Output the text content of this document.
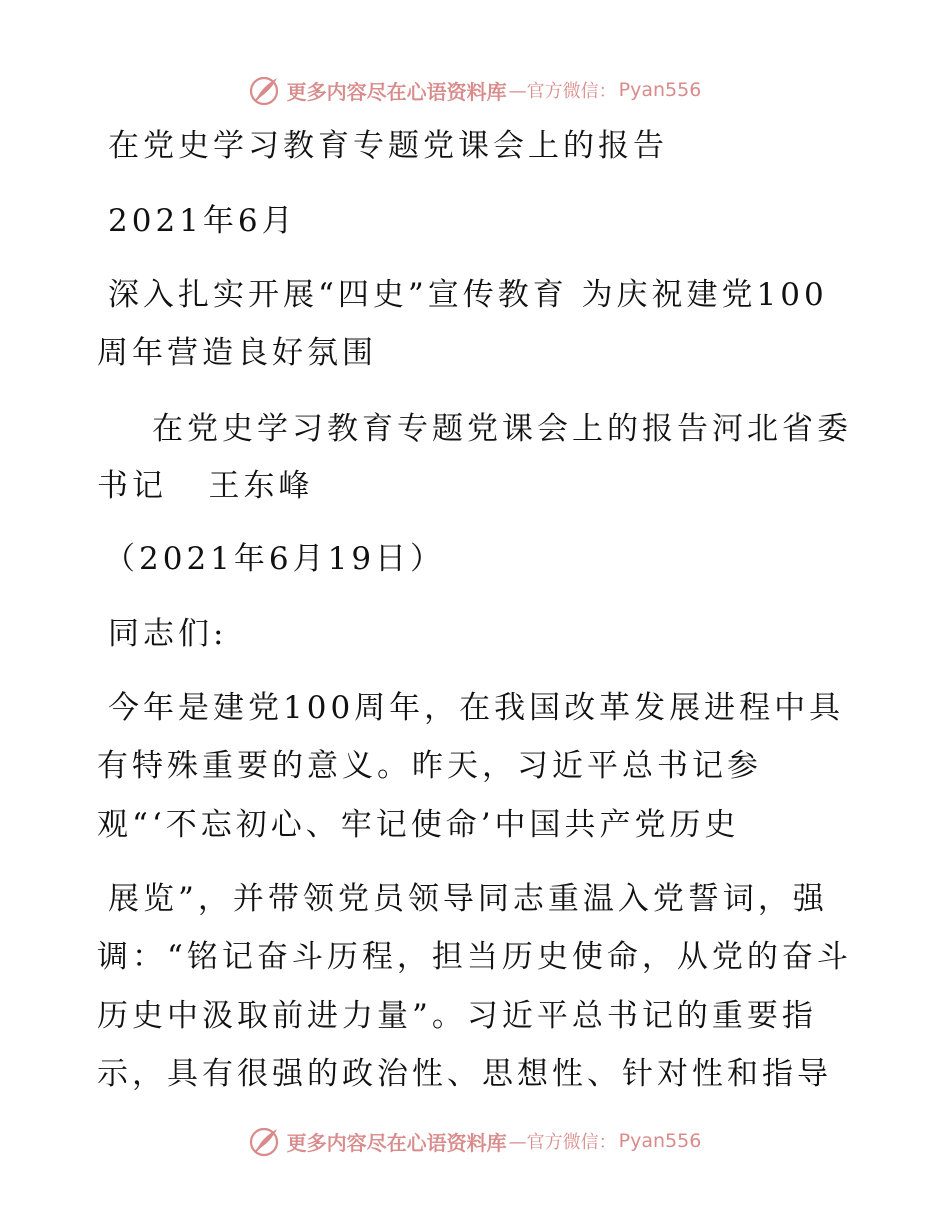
更多内容尽在心语资料库 —官方微信： Pyan556
在党史学习教育专题党课会上的报告
2021年6月
深入扎实开展“四史”宣传教育 为庆祝建党100
周年营造良好氛围
在党史学习教育专题党课会上的报告河北省委
书记   王东峰
（2021年6月19日）
同志们:
今年是建党100周年，在我国改革发展进程中具
有特殊重要的意义。昨天，习近平总书记参
观“‘不忘初心、牢记使命’中国共产党历史
展览”，并带领党员领导同志重温入党誓词，强
调：“铭记奋斗历程，担当历史使命，从党的奋斗
历史中汲取前进力量”。习近平总书记的重要指
示，具有很强的政治性、思想性、针对性和指导
更多内容尽在心语资料库 —官方微信： Pyan556
